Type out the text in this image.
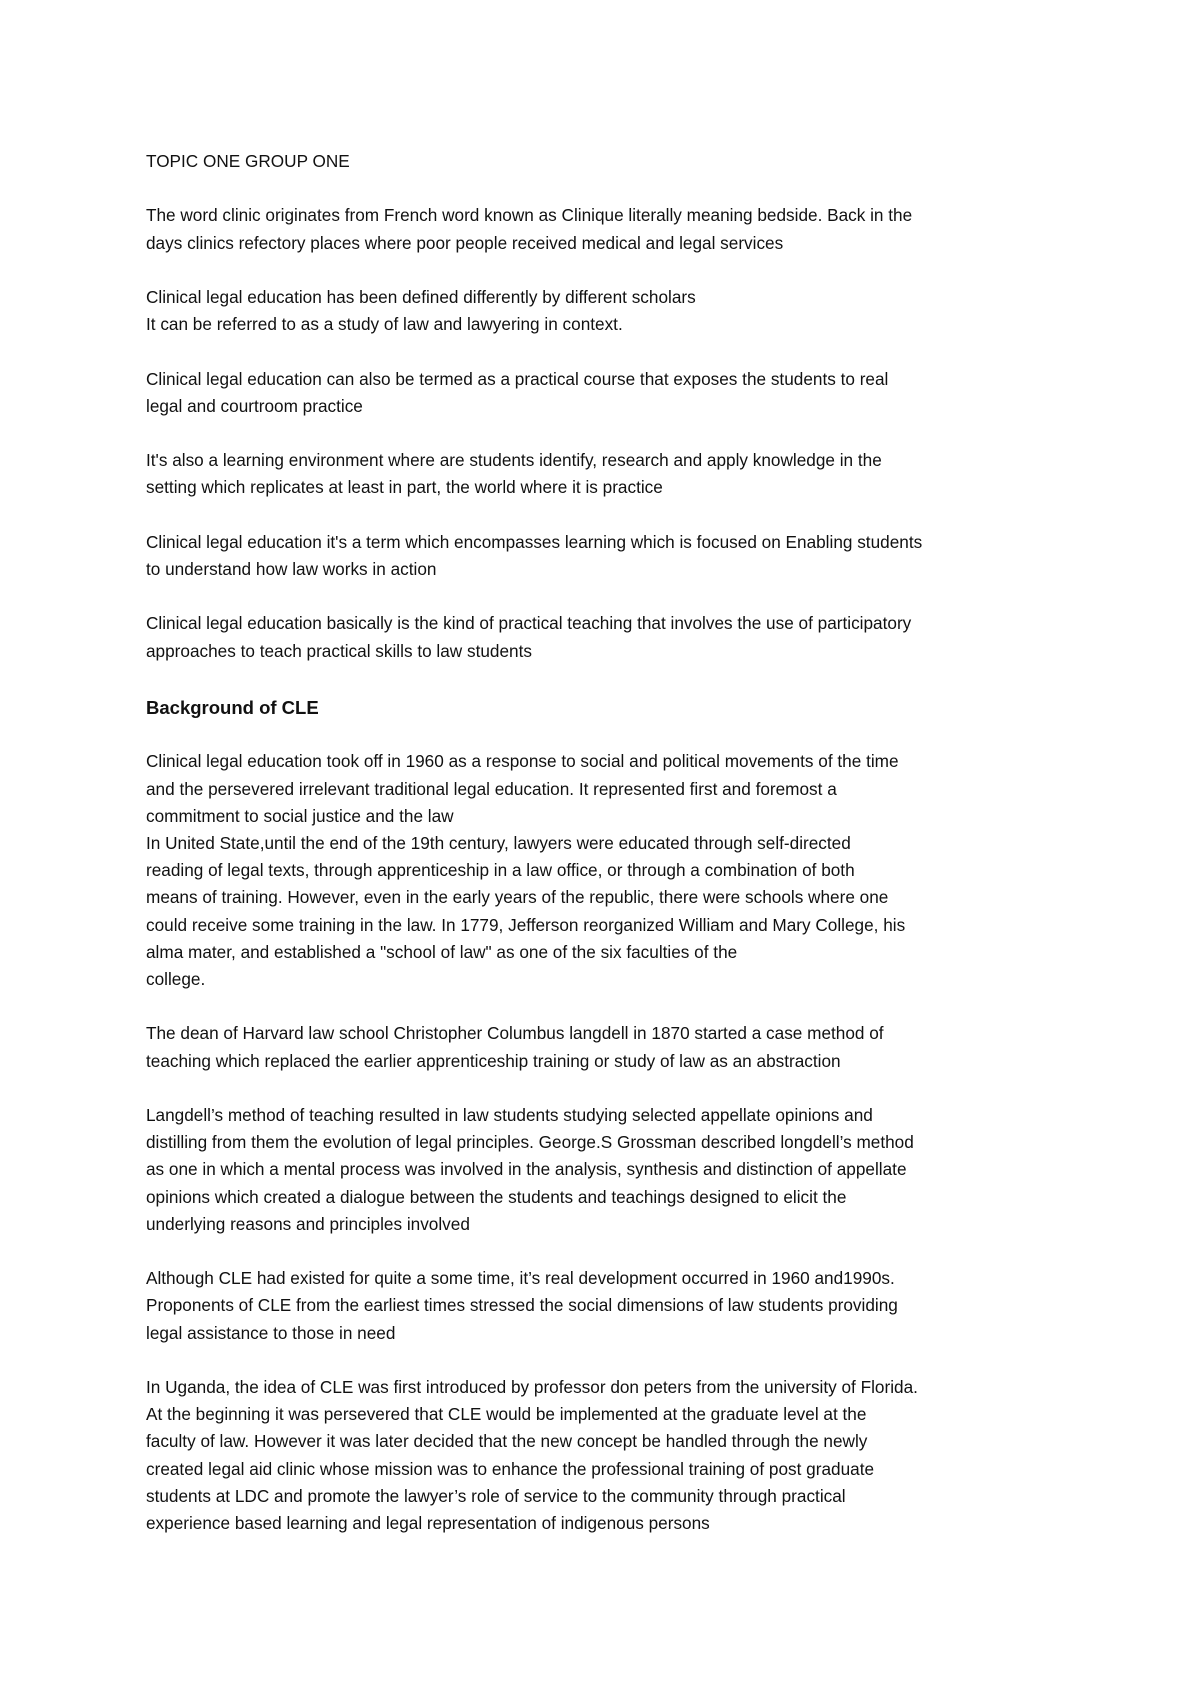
TOPIC ONE GROUP ONE
The word clinic originates from French word known as Clinique literally meaning bedside. Back in the
days clinics refectory places where poor people received medical and legal services
Clinical legal education has been defined differently by different scholars
It can be referred to as a study of law and lawyering in context.
Clinical legal education can also be termed as a practical course that exposes the students to real
legal and courtroom practice
It's also a learning environment where are students identify, research and apply knowledge in the
setting which replicates at least in part, the world where it is practice
Clinical legal education it's a term which encompasses learning which is focused on Enabling students
to understand how law works in action
Clinical legal education basically is the kind of practical teaching that involves the use of participatory
approaches to teach practical skills to law students
Background of CLE
Clinical legal education took off in 1960 as a response to social and political movements of the time
and the persevered irrelevant traditional legal education. It represented first and foremost a
commitment to social justice and the law
In United State,until the end of the 19th century, lawyers were educated through self-directed
reading of legal texts, through apprenticeship in a law office, or through a combination of both
means of training. However, even in the early years of the republic, there were schools where one
could receive some training in the law. In 1779, Jefferson reorganized William and Mary College, his
alma mater, and established a "school of law" as one of the six faculties of the
college.
The dean of Harvard law school Christopher Columbus langdell in 1870 started a case method of
teaching which replaced the earlier apprenticeship training or study of law as an abstraction
Langdell’s method of teaching resulted in law students studying selected appellate opinions and
distilling from them the evolution of legal principles. George.S Grossman described longdell’s method
as one in which a mental process was involved in the analysis, synthesis and distinction of appellate
opinions which created a dialogue between the students and teachings designed to elicit the
underlying reasons and principles involved
Although CLE had existed for quite a some time, it’s real development occurred in 1960 and1990s.
Proponents of CLE from the earliest times stressed the social dimensions of law students providing
legal assistance to those in need
In Uganda, the idea of CLE was first introduced by professor don peters from the university of Florida.
At the beginning it was persevered that CLE would be implemented at the graduate level at the
faculty of law. However it was later decided that the new concept be handled through the newly
created legal aid clinic whose mission was to enhance the professional training of post graduate
students at LDC and promote the lawyer’s role of service to the community through practical
experience based learning and legal representation of indigenous persons
